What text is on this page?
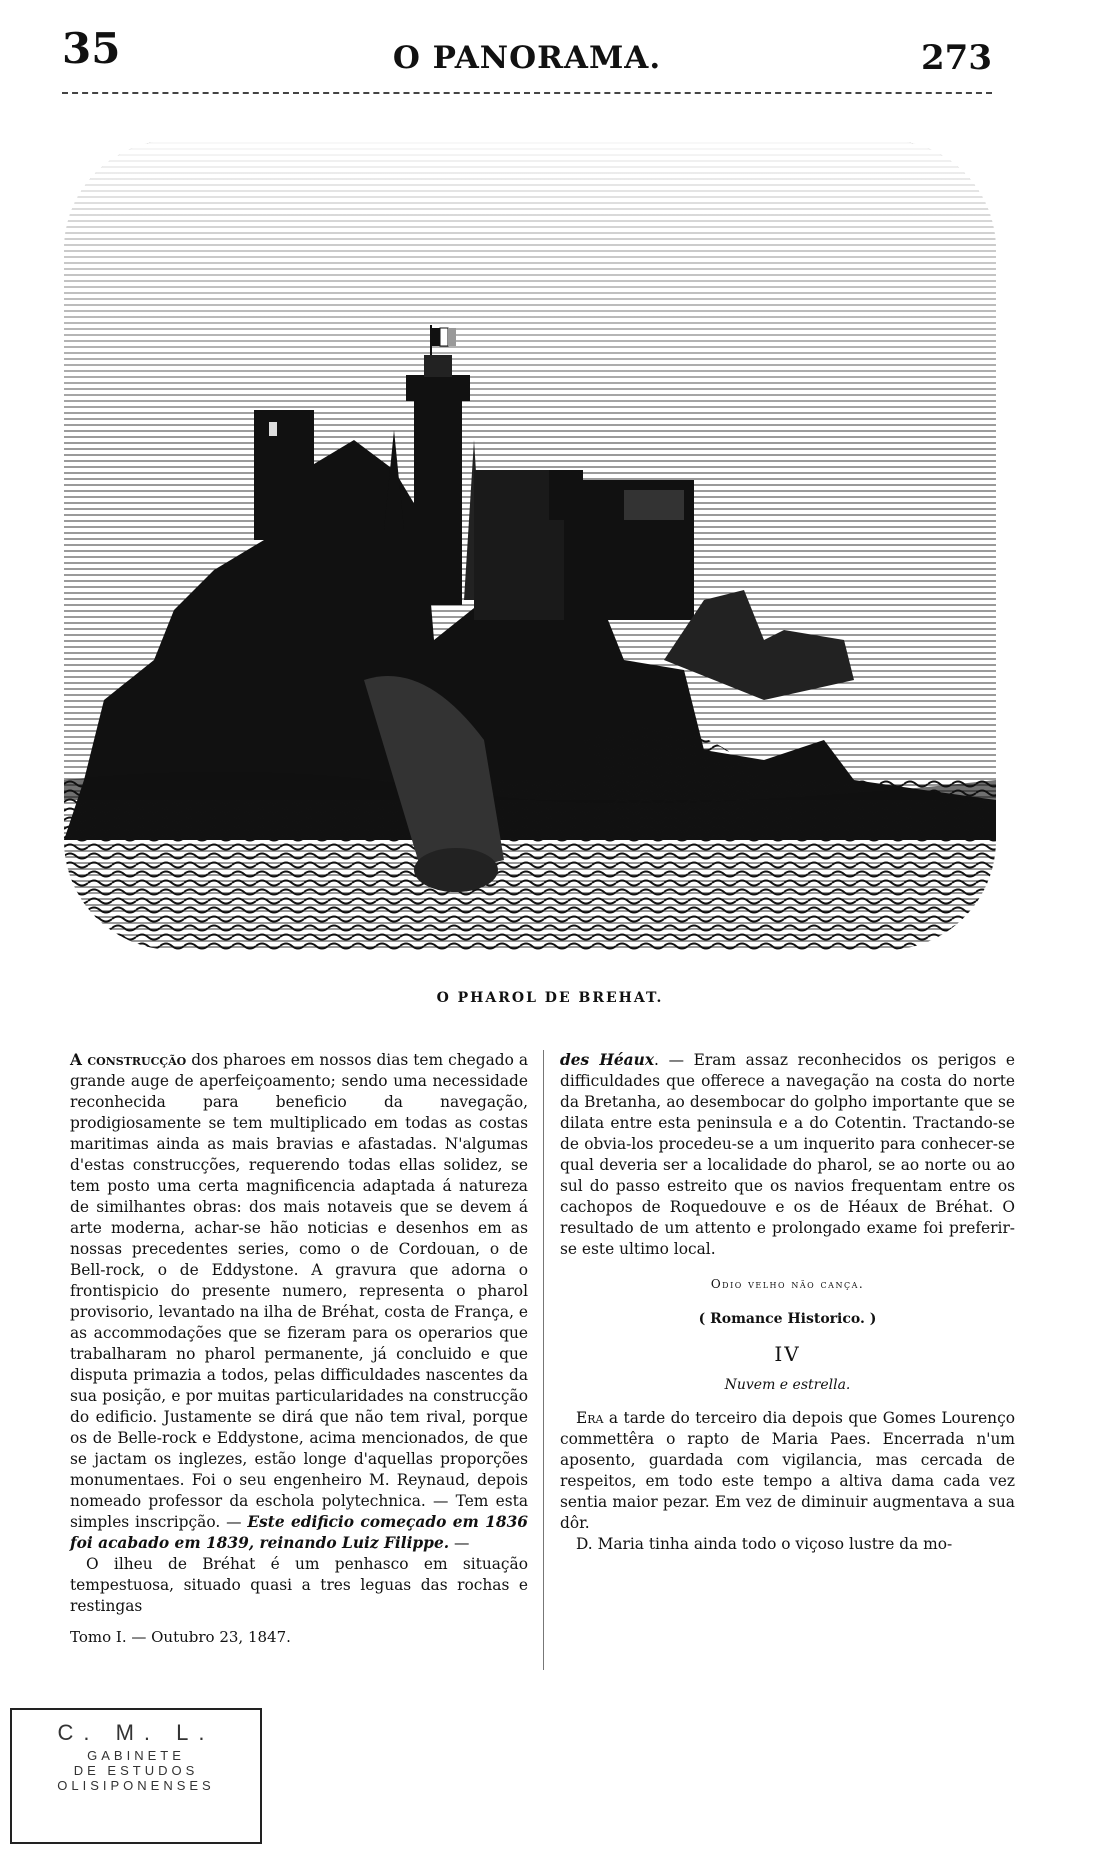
35	O PANORAMA.	273
O PHAROL DE BREHAT.

A construcção dos pharoes em nossos dias tem chegado a grande auge de aperfeiçoamento; sendo uma necessidade reconhecida para beneficio da navegação, prodigiosamente se tem multiplicado em todas as costas maritimas ainda as mais bravias e afastadas. N'algumas d'estas construcções, requerendo todas ellas solidez, se tem posto uma certa magnificencia adaptada á natureza de similhantes obras: dos mais notaveis que se devem á arte moderna, achar-se hão noticias e desenhos em as nossas precedentes series, como o de Cordouan, o de Bell-rock, o de Eddystone. A gravura que adorna o frontispicio do presente numero, representa o pharol provisorio, levantado na ilha de Bréhat, costa de França, e as accommodações que se fizeram para os operarios que trabalharam no pharol permanente, já concluido e que disputa primazia a todos, pelas difficuldades nascentes da sua posição, e por muitas particularidades na construcção do edificio. Justamente se dirá que não tem rival, porque os de Belle-rock e Eddystone, acima mencionados, de que se jactam os inglezes, estão longe d'aquellas proporções monumentaes. Foi o seu engenheiro M. Reynaud, depois nomeado professor da eschola polytechnica. — Tem esta simples inscripção. — Este edificio começado em 1836 foi acabado em 1839, reinando Luiz Filippe. —

O ilheu de Bréhat é um penhasco em situação tempestuosa, situado quasi a tres leguas das rochas e restingas

Tomo I. — Outubro 23, 1847.

des Héaux. — Eram assaz reconhecidos os perigos e difficuldades que offerece a navegação na costa do norte da Bretanha, ao desembocar do golpho importante que se dilata entre esta peninsula e a do Cotentin. Tractando-se de obvia-los procedeu-se a um inquerito para conhecer-se qual deveria ser a localidade do pharol, se ao norte ou ao sul do passo estreito que os navios frequentam entre os cachopos de Roquedouve e os de Héaux de Bréhat. O resultado de um attento e prolongado exame foi preferir-se este ultimo local.

Odio velho não cança.

( Romance Historico. )

IV

Nuvem e estrella.

Era a tarde do terceiro dia depois que Gomes Lourenço commettêra o rapto de Maria Paes. Encerrada n'um aposento, guardada com vigilancia, mas cercada de respeitos, em todo este tempo a altiva dama cada vez sentia maior pezar. Em vez de diminuir augmentava a sua dôr.

D. Maria tinha ainda todo o viçoso lustre da mo-

C. M. L.
GABINETE
DE ESTUDOS
OLISIPONENSES
